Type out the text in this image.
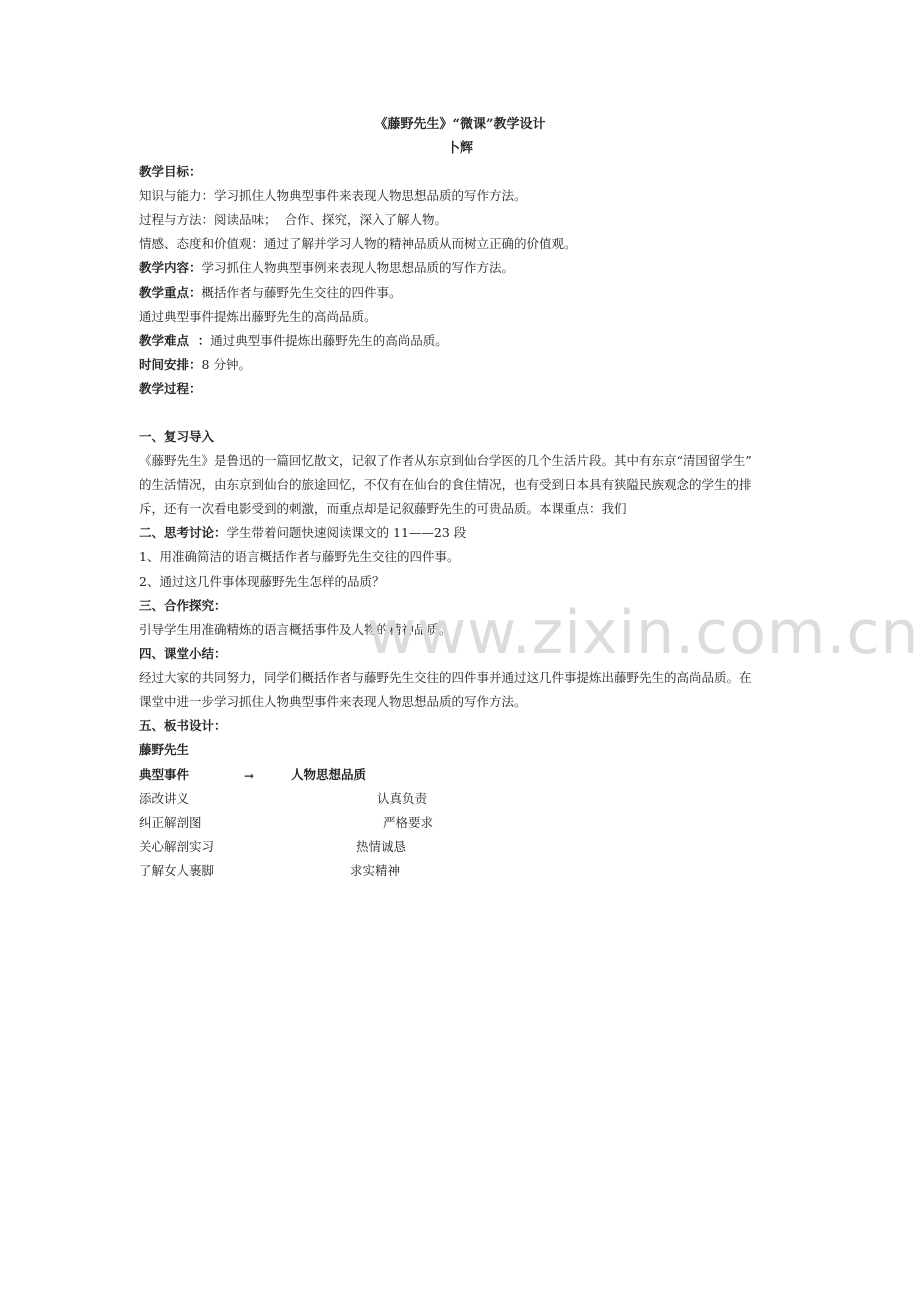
《藤野先生》“微课”教学设计
卜辉
教学目标：
知识与能力：学习抓住人物典型事件来表现人物思想品质的写作方法。
过程与方法：阅读品味；  合作、探究，深入了解人物。
情感、态度和价值观：通过了解并学习人物的精神品质从而树立正确的价值观。
教学内容：学习抓住人物典型事例来表现人物思想品质的写作方法。
教学重点：概括作者与藤野先生交往的四件事。
通过典型事件提炼出藤野先生的高尚品质。
教学难点  ：通过典型事件提炼出藤野先生的高尚品质。
时间安排：8 分钟。
教学过程：
一、复习导入
《藤野先生》是鲁迅的一篇回忆散文，记叙了作者从东京到仙台学医的几个生活片段。其中有东京“清国留学生”
的生活情况，由东京到仙台的旅途回忆，不仅有在仙台的食住情况，也有受到日本具有狭隘民族观念的学生的排
斥，还有一次看电影受到的刺激，而重点却是记叙藤野先生的可贵品质。本课重点：我们
二、思考讨论：学生带着问题快速阅读课文的 11——23 段
1、用准确简洁的语言概括作者与藤野先生交往的四件事。
2、通过这几件事体现藤野先生怎样的品质？
三、合作探究：
引导学生用准确精炼的语言概括事件及人物的精神品质。
四、课堂小结：
经过大家的共同努力，同学们概括作者与藤野先生交往的四件事并通过这几件事提炼出藤野先生的高尚品质。在
课堂中进一步学习抓住人物典型事件来表现人物思想品质的写作方法。
五、板书设计：
藤野先生
典型事件	→	人物思想品质
添改讲义	认真负责
纠正解剖图	严格要求
关心解剖实习	热情诚恳
了解女人裹脚	求实精神
www.zixin.com.cn
